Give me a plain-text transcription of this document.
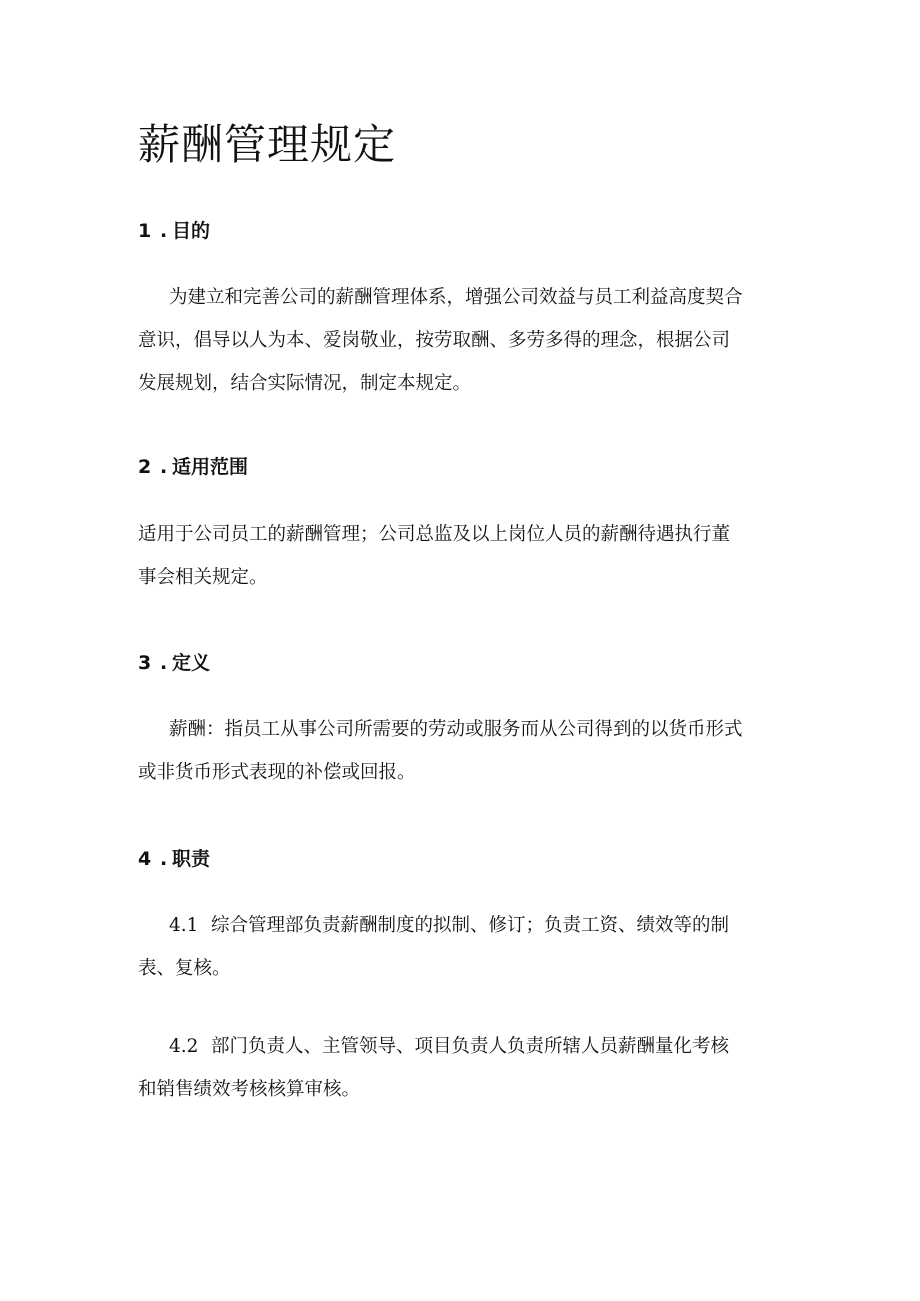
薪酬管理规定
1 . 目的
为建立和完善公司的薪酬管理体系，增强公司效益与员工利益高度契合
意识，倡导以人为本、爱岗敬业，按劳取酬、多劳多得的理念，根据公司
发展规划，结合实际情况，制定本规定。
2 . 适用范围
适用于公司员工的薪酬管理；公司总监及以上岗位人员的薪酬待遇执行董
事会相关规定。
3 . 定义
薪酬：指员工从事公司所需要的劳动或服务而从公司得到的以货币形式
或非货币形式表现的补偿或回报。
4 . 职责
4.1 综合管理部负责薪酬制度的拟制、修订；负责工资、绩效等的制
表、复核。
4.2 部门负责人、主管领导、项目负责人负责所辖人员薪酬量化考核
和销售绩效考核核算审核。
